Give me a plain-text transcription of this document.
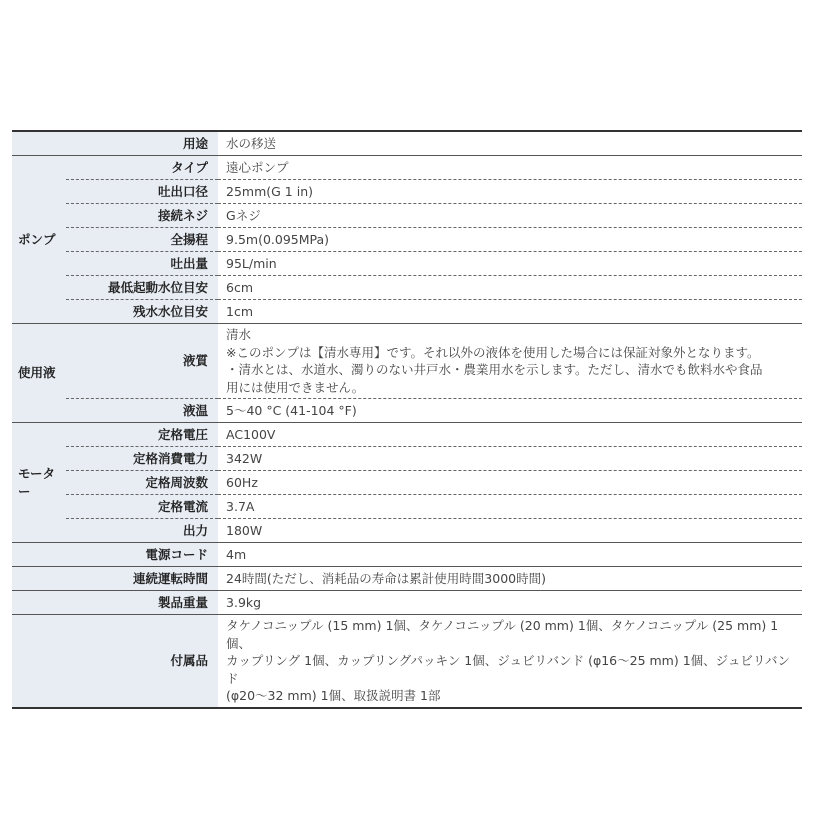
用途		水の移送
ポンプ	タイプ	遠心ポンプ
	吐出口径	25mm(G 1 in)
	接続ネジ	Gネジ
	全揚程	9.5m(0.095MPa)
	吐出量	95L/min
	最低起動水位目安	6cm
	残水水位目安	1cm
使用液	液質	清水
※このポンプは【清水専用】です。それ以外の液体を使用した場合には保証対象外となります。
・清水とは、水道水、濁りのない井戸水・農業用水を示します。ただし、清水でも飲料水や食品
用には使用できません。

	液温	5～40 °C (41-104 °F)
モーター	定格電圧	AC100V
	定格消費電力	342W
	定格周波数	60Hz
	定格電流	3.7A
	出力	180W
電源コード		4m
連続運転時間		24時間(ただし、消耗品の寿命は累計使用時間3000時間)
製品重量		3.9kg
付属品		タケノコニップル (15 mm) 1個、タケノコニップル (20 mm) 1個、タケノコニップル (25 mm) 1個、
カップリング 1個、カップリングパッキン 1個、ジュビリバンド (φ16～25 mm) 1個、ジュビリバンド
(φ20～32 mm) 1個、取扱説明書 1部
